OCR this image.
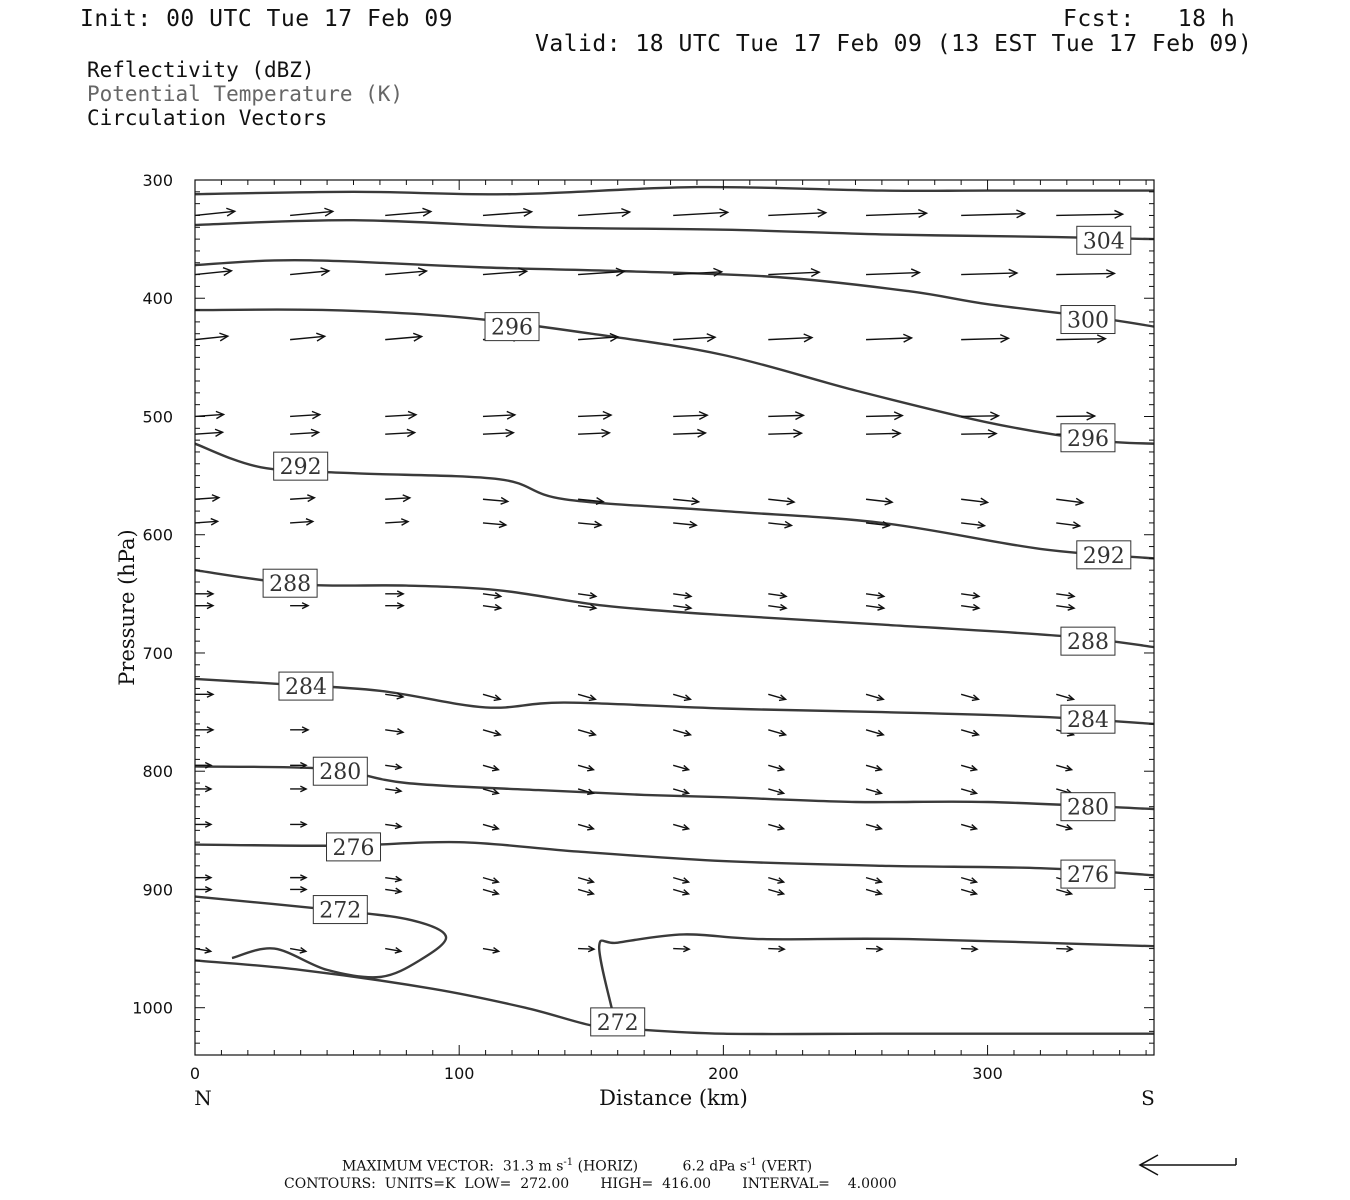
Init: 00 UTC Tue 17 Feb 09	Fcst:   18 h
Valid: 18 UTC Tue 17 Feb 09 (13 EST Tue 17 Feb 09)
Reflectivity (dBZ)
Potential Temperature (K)
Circulation Vectors
304
300
296
296
292
292
288
288
284
284
280
280
276
276
272
272
0	100	200	300
300
400
500
600
700
800
900
1000
N	S
Distance (km)
Pressure (hPa)
MAXIMUM VECTOR:  31.3 m $s^{-1}$ (HORIZ)          6.2 dPa $s^{-1}$ (VERT)
CONTOURS:  UNITS=K  LOW=  272.00       HIGH=  416.00       INTERVAL=    4.0000
